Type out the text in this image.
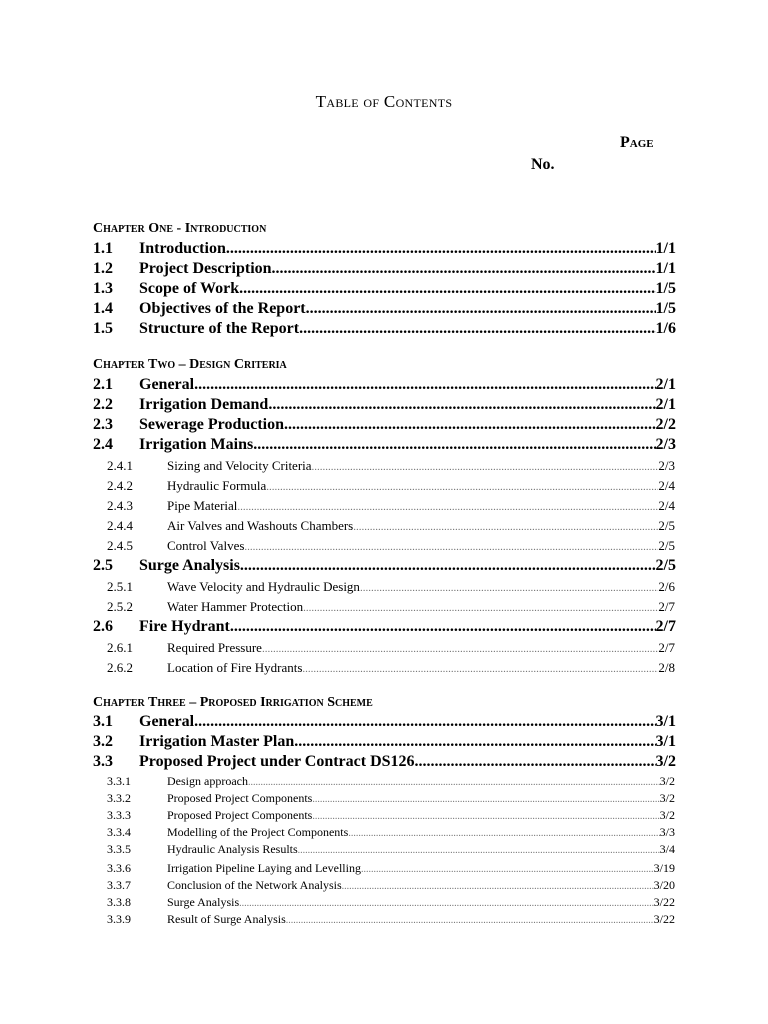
Table of Contents
Page
No.
Chapter One - Introduction
1.1	Introduction .....	1/1
1.2	Project Description .....	1/1
1.3	Scope of Work .....	1/5
1.4	Objectives of the Report .....	1/5
1.5	Structure of the Report .....	1/6
Chapter Two – Design Criteria
2.1	General .....	2/1
2.2	Irrigation Demand .....	2/1
2.3	Sewerage Production .....	2/2
2.4	Irrigation Mains .....	2/3
2.4.1	Sizing and Velocity Criteria .....	2/3
2.4.2	Hydraulic Formula .....	2/4
2.4.3	Pipe Material .....	2/4
2.4.4	Air Valves and Washouts Chambers .....	2/5
2.4.5	Control Valves .....	2/5
2.5	Surge Analysis .....	2/5
2.5.1	Wave Velocity and Hydraulic Design .....	2/6
2.5.2	Water Hammer Protection .....	2/7
2.6	Fire Hydrant .....	2/7
2.6.1	Required Pressure .....	2/7
2.6.2	Location of Fire Hydrants .....	2/8
Chapter Three – Proposed Irrigation Scheme
3.1	General .....	3/1
3.2	Irrigation Master Plan .....	3/1
3.3	Proposed Project under Contract DS126 .....	3/2
3.3.1	Design approach .....	3/2
3.3.2	Proposed Project Components .....	3/2
3.3.3	Proposed Project Components .....	3/2
3.3.4	Modelling of the Project Components .....	3/3
3.3.5	Hydraulic Analysis Results .....	3/4
3.3.6	Irrigation Pipeline Laying and Levelling .....	3/19
3.3.7	Conclusion of the Network Analysis .....	3/20
3.3.8	Surge Analysis .....	3/22
3.3.9	Result of Surge Analysis .....	3/22
